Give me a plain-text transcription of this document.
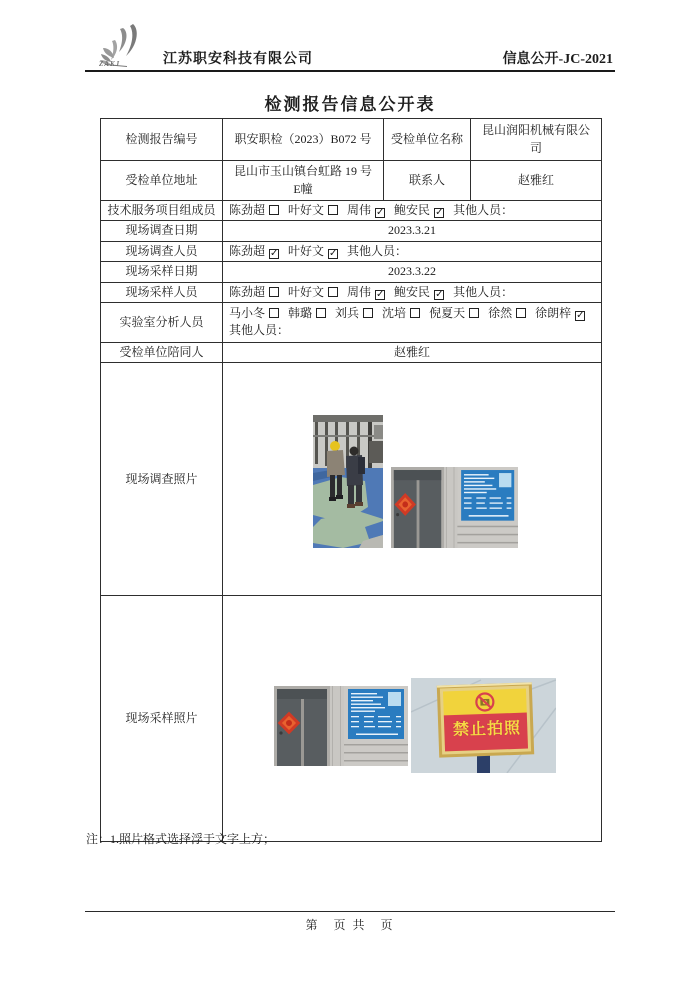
ZAKJ	江苏职安科技有限公司	信息公开-JC-2021
检测报告信息公开表
检测报告编号	职安职检（2023）B072 号	受检单位名称	昆山润阳机械有限公司
受检单位地址	昆山市玉山镇台虹路 19 号 E幢	联系人	赵雅红
技术服务项目组成员	陈劲超 叶好文 周伟 ✓ 鲍安民 ✓ 其他人员：		
现场调查日期	2023.3.21		
现场调查人员	陈劲超 ✓ 叶好文 ✓ 其他人员：		
现场采样日期	2023.3.22		
现场采样人员	陈劲超 叶好文 周伟 ✓ 鲍安民 ✓ 其他人员：		
实验室分析人员	马小冬 韩璐 刘兵 沈培 倪夏天 徐然 徐朗梓 ✓
其他人员：		
受检单位陪同人	赵雅红		
现场调查照片	

现场采样照片	禁止拍照		
注：1.照片格式选择浮于文字上方；
第　页 共　页
